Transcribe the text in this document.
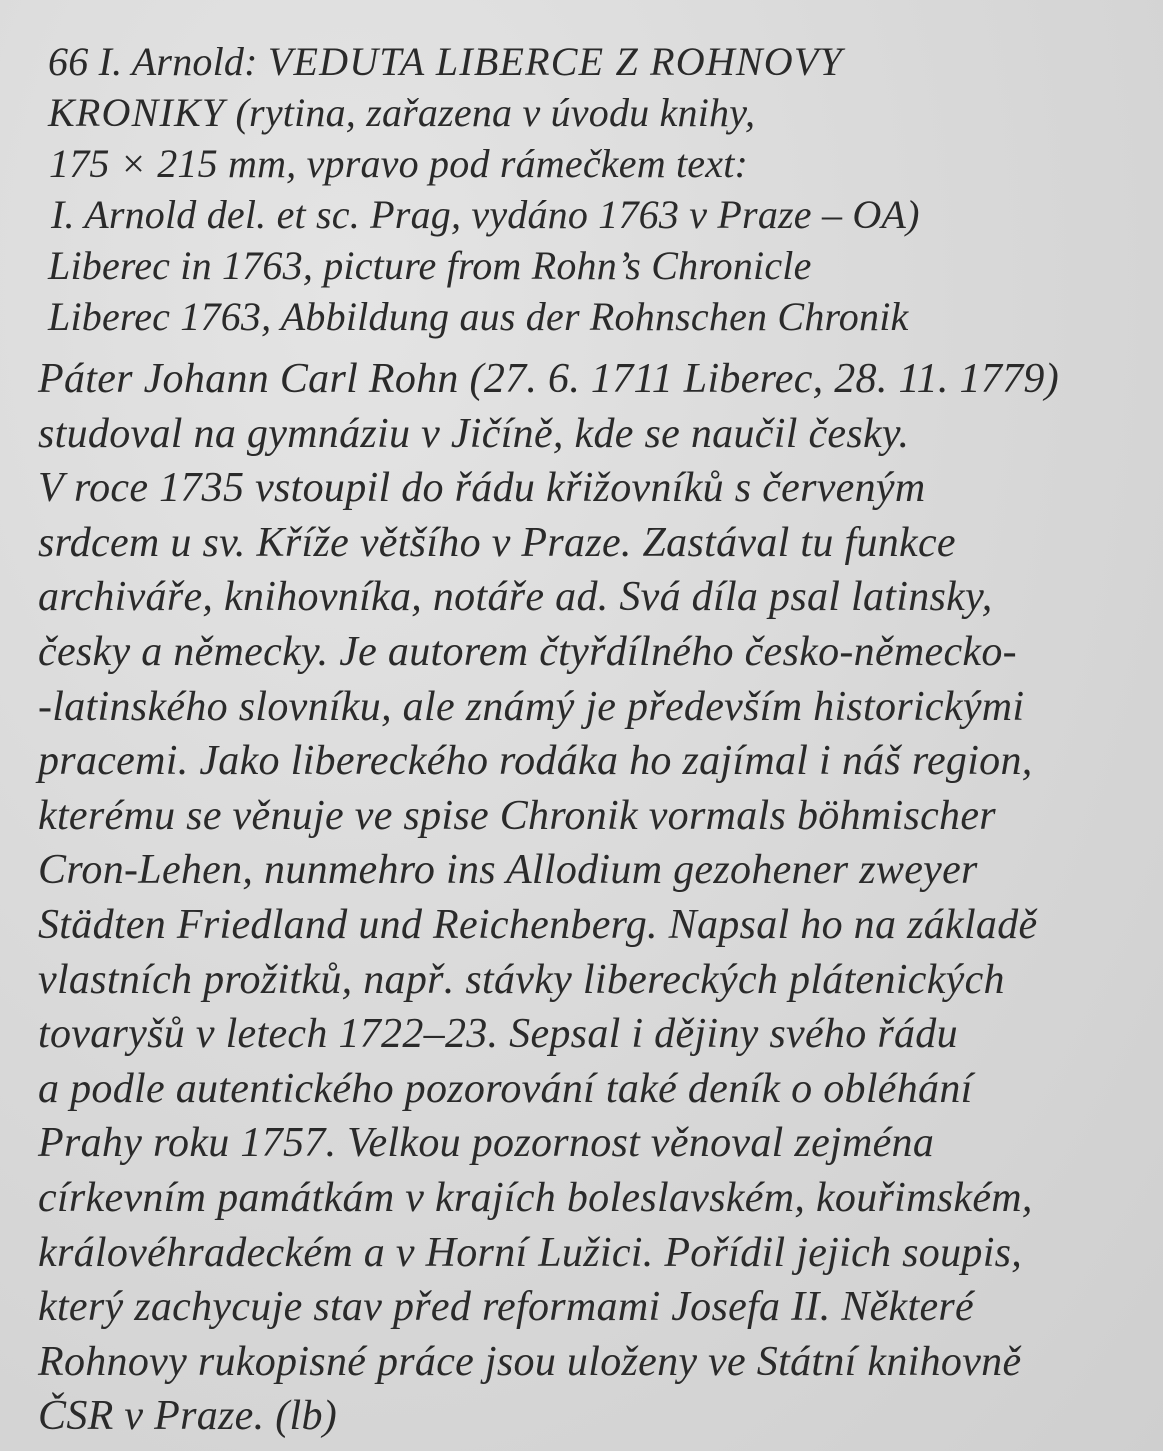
66 I. Arnold: VEDUTA LIBERCE Z ROHNOVY
KRONIKY (rytina, zařazena v úvodu knihy,
175 × 215 mm, vpravo pod rámečkem text:
I. Arnold del. et sc. Prag, vydáno 1763 v Praze – OA)
Liberec in 1763, picture from Rohn’s Chronicle
Liberec 1763, Abbildung aus der Rohnschen Chronik
Páter Johann Carl Rohn (27. 6. 1711 Liberec, 28. 11. 1779)
studoval na gymnáziu v Jičíně, kde se naučil česky.
V roce 1735 vstoupil do řádu křižovníků s červeným
srdcem u sv. Kříže většího v Praze. Zastával tu funkce
archiváře, knihovníka, notáře ad. Svá díla psal latinsky,
česky a německy. Je autorem čtyřdílného česko-německo-
-latinského slovníku, ale známý je především historickými
pracemi. Jako libereckého rodáka ho zajímal i náš region,
kterému se věnuje ve spise Chronik vormals böhmischer
Cron-Lehen, nunmehro ins Allodium gezohener zweyer
Städten Friedland und Reichenberg. Napsal ho na základě
vlastních prožitků, např. stávky libereckých plátenických
tovaryšů v letech 1722–23. Sepsal i dějiny svého řádu
a podle autentického pozorování také deník o obléhání
Prahy roku 1757. Velkou pozornost věnoval zejména
církevním památkám v krajích boleslavském, kouřimském,
královéhradeckém a v Horní Lužici. Pořídil jejich soupis,
který zachycuje stav před reformami Josefa II. Některé
Rohnovy rukopisné práce jsou uloženy ve Státní knihovně
ČSR v Praze. (lb)
